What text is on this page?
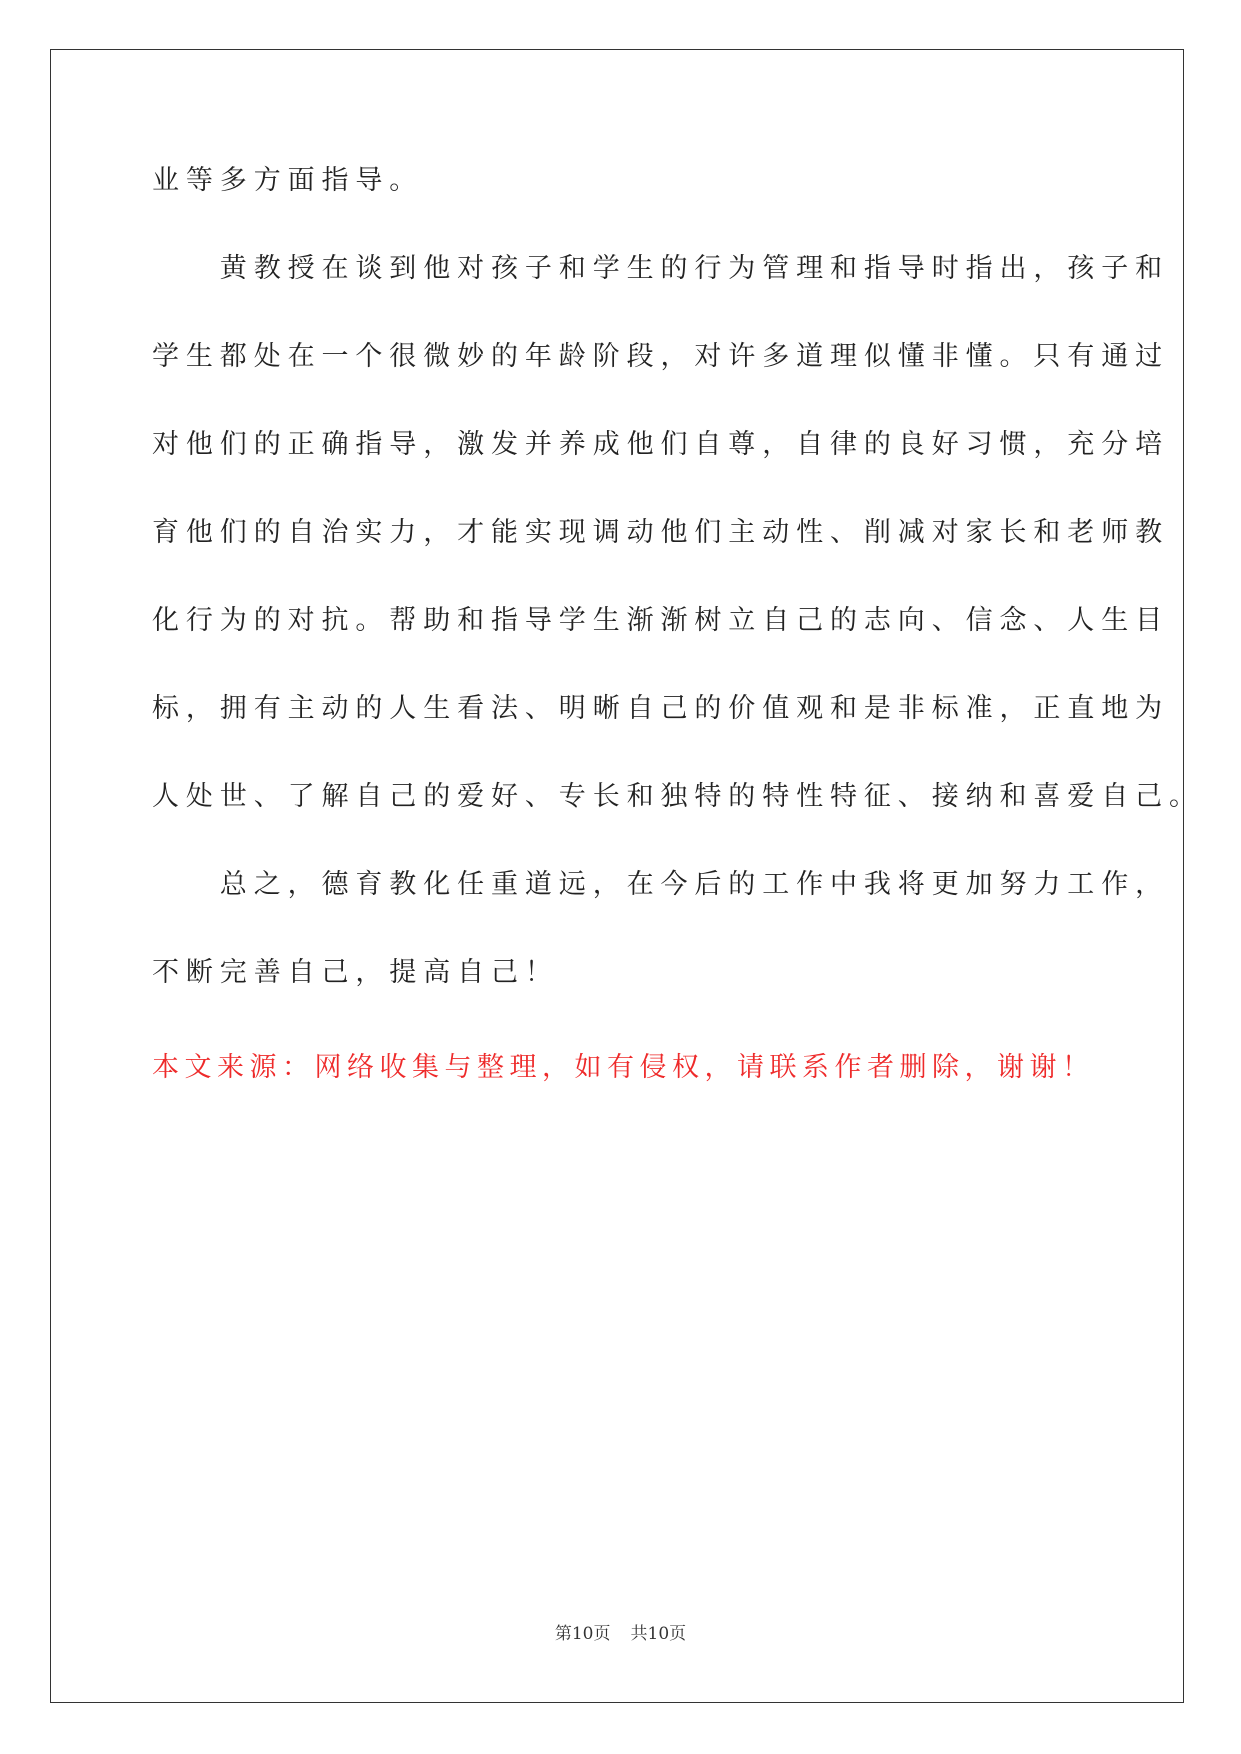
业等多方面指导。
　　黄教授在谈到他对孩子和学生的行为管理和指导时指出，孩子和
学生都处在一个很微妙的年龄阶段，对许多道理似懂非懂。只有通过
对他们的正确指导，激发并养成他们自尊，自律的良好习惯，充分培
育他们的自治实力，才能实现调动他们主动性、削减对家长和老师教
化行为的对抗。帮助和指导学生渐渐树立自己的志向、信念、人生目
标，拥有主动的人生看法、明晰自己的价值观和是非标准，正直地为
人处世、了解自己的爱好、专长和独特的特性特征、接纳和喜爱自己。
　　总之，德育教化任重道远，在今后的工作中我将更加努力工作，
不断完善自己，提高自己！
本文来源：网络收集与整理，如有侵权，请联系作者删除，谢谢！
第10页 共10页
